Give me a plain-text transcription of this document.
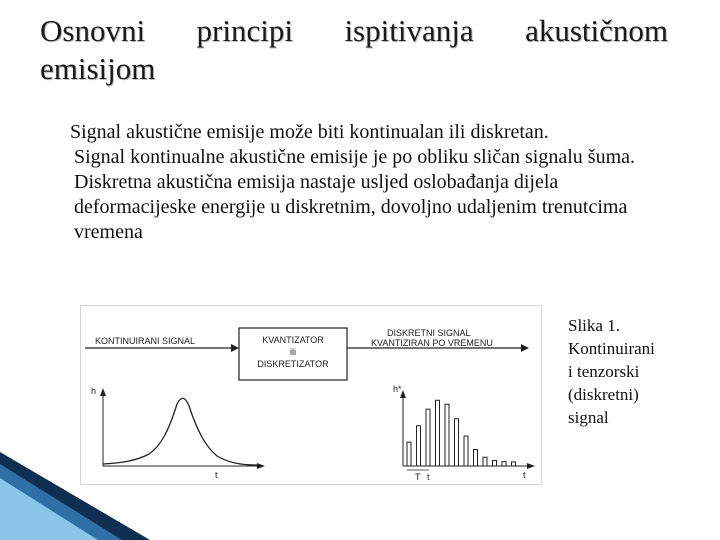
Osnovni principi ispitivanja akustičnom
emisijom

Signal akustične emisije može biti kontinualan ili diskretan.

Signal kontinualne akustične emisije je po obliku sličan signalu šuma.

Diskretna akustična emisija nastaje usljed oslobađanja dijela deformacijeske energije u diskretnim, dovoljno udaljenim trenutcima vremena

KONTINUIRANI SIGNAL	KVANTIZATOR
ili
DISKRETIZATOR
DISKRETNI SIGNAL
KVANTIZIRAN PO VREMENU
h
t
h*
t
T t
Slika 1.
Kontinuirani
i tenzorski
(diskretni)
signal
